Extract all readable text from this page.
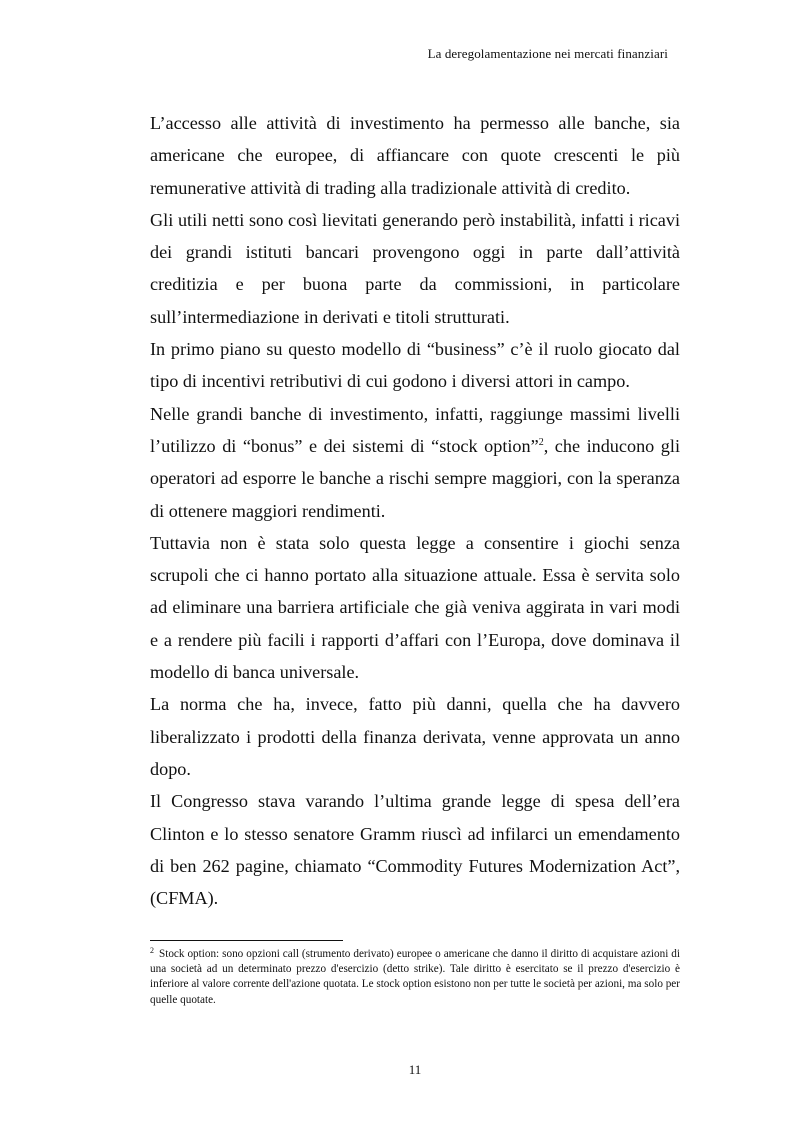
La deregolamentazione nei mercati finanziari

L’accesso alle attività di investimento ha permesso alle banche, sia americane che europee, di affiancare con quote crescenti le più remunerative attività di trading alla tradizionale attività di credito.

Gli utili netti sono così lievitati generando però instabilità, infatti i ricavi dei grandi istituti bancari provengono oggi in parte dall’attività creditizia e per buona parte da commissioni, in particolare sull’intermediazione in derivati e titoli strutturati.

In primo piano su questo modello di “business” c’è il ruolo giocato dal tipo di incentivi retributivi di cui godono i diversi attori in campo.

Nelle grandi banche di investimento, infatti, raggiunge massimi livelli l’utilizzo di “bonus” e dei sistemi di “stock option”$^2$, che inducono gli operatori ad esporre le banche a rischi sempre maggiori, con la speranza di ottenere maggiori rendimenti.

Tuttavia non è stata solo questa legge a consentire i giochi senza scrupoli che ci hanno portato alla situazione attuale. Essa è servita solo ad eliminare una barriera artificiale che già veniva aggirata in vari modi e a rendere più facili i rapporti d’affari con l’Europa, dove dominava il modello di banca universale.

La norma che ha, invece, fatto più danni, quella che ha davvero liberalizzato i prodotti della finanza derivata, venne approvata un anno dopo.

Il Congresso stava varando l’ultima grande legge di spesa dell’era Clinton e lo stesso senatore Gramm riuscì ad infilarci un emendamento di ben 262 pagine, chiamato “Commodity Futures Modernization Act”, (CFMA).

$^2$ Stock option: sono opzioni call (strumento derivato) europee o americane che danno il diritto di acquistare azioni di una società ad un determinato prezzo d'esercizio (detto strike). Tale diritto è esercitato se il prezzo d'esercizio è inferiore al valore corrente dell'azione quotata. Le stock option esistono non per tutte le società per azioni, ma solo per quelle quotate.
11
